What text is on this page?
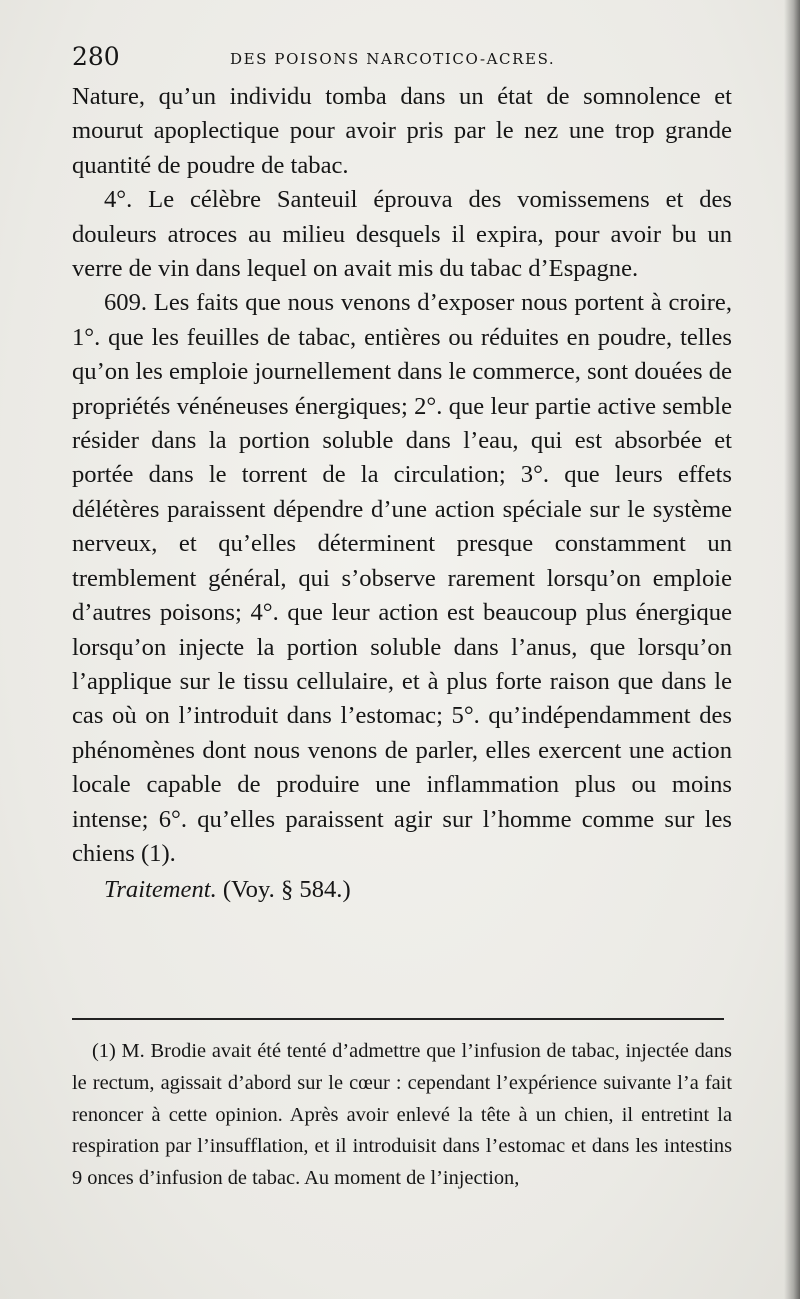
280	DES POISONS NARCOTICO-ACRES.

Nature, qu’un individu tomba dans un état de somnolence et mourut apoplectique pour avoir pris par le nez une trop grande quantité de poudre de tabac.

4°. Le célèbre Santeuil éprouva des vomissemens et des douleurs atroces au milieu desquels il expira, pour avoir bu un verre de vin dans lequel on avait mis du tabac d’Espagne.

609. Les faits que nous venons d’exposer nous portent à croire, 1°. que les feuilles de tabac, entières ou réduites en poudre, telles qu’on les emploie journellement dans le commerce, sont douées de propriétés vénéneuses énergiques; 2°. que leur partie active semble résider dans la portion soluble dans l’eau, qui est absorbée et portée dans le torrent de la circulation; 3°. que leurs effets délétères paraissent dépendre d’une action spéciale sur le système nerveux, et qu’elles déterminent presque constamment un tremblement général, qui s’observe rarement lorsqu’on emploie d’autres poisons; 4°. que leur action est beaucoup plus énergique lorsqu’on injecte la portion soluble dans l’anus, que lorsqu’on l’applique sur le tissu cellulaire, et à plus forte raison que dans le cas où on l’introduit dans l’estomac; 5°. qu’indépendamment des phénomènes dont nous venons de parler, elles exercent une action locale capable de produire une inflammation plus ou moins intense; 6°. qu’elles paraissent agir sur l’homme comme sur les chiens (1).

Traitement. (Voy. § 584.)

(1) M. Brodie avait été tenté d’admettre que l’infusion de tabac, injectée dans le rectum, agissait d’abord sur le cœur : cependant l’expérience suivante l’a fait renoncer à cette opinion. Après avoir enlevé la tête à un chien, il entretint la respiration par l’insufflation, et il introduisit dans l’estomac et dans les intestins 9 onces d’infusion de tabac. Au moment de l’injection,
